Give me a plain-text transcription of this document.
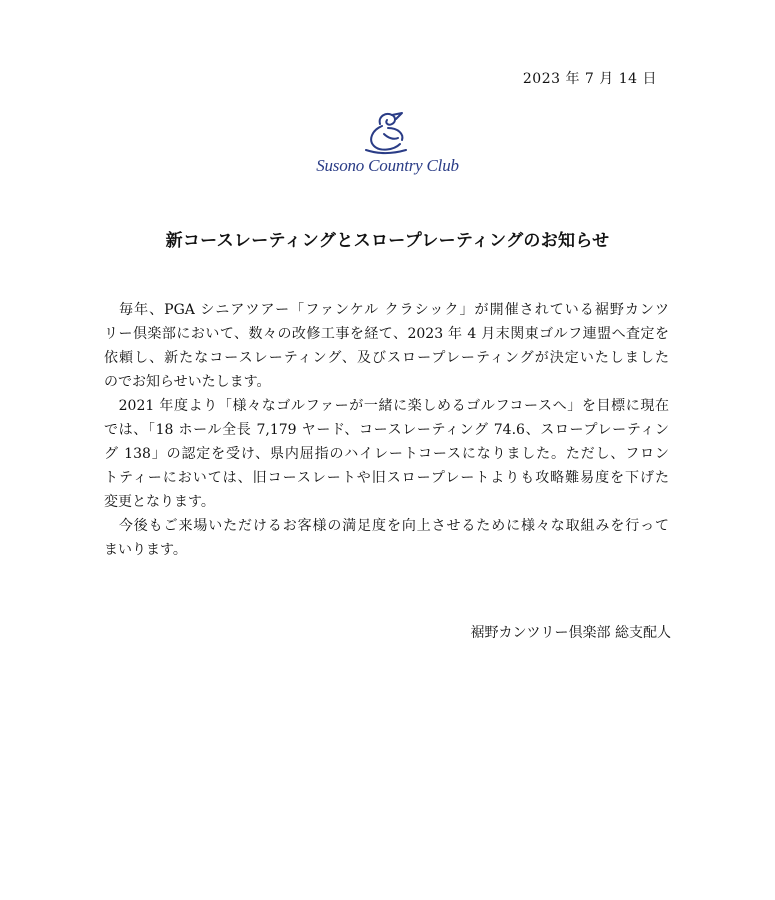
2023 年 7 月 14 日
Susono Country Club
新コースレーティングとスロープレーティングのお知らせ
　毎年、PGA シニアツアー「ファンケル クラシック」が開催されている裾野カンツ
リー倶楽部において、数々の改修工事を経て、2023 年 4 月末関東ゴルフ連盟へ査定を
依頼し、新たなコースレーティング、及びスロープレーティングが決定いたしました
のでお知らせいたします。
　2021 年度より「様々なゴルファーが一緒に楽しめるゴルフコースへ」を目標に現在
では、「18 ホール全長 7,179 ヤード、コースレーティング 74.6、スロープレーティン
グ 138」の認定を受け、県内屈指のハイレートコースになりました。ただし、フロン
トティーにおいては、旧コースレートや旧スロープレートよりも攻略難易度を下げた
変更となります。
　今後もご来場いただけるお客様の満足度を向上させるために様々な取組みを行って
まいります。
裾野カンツリー倶楽部 総支配人
